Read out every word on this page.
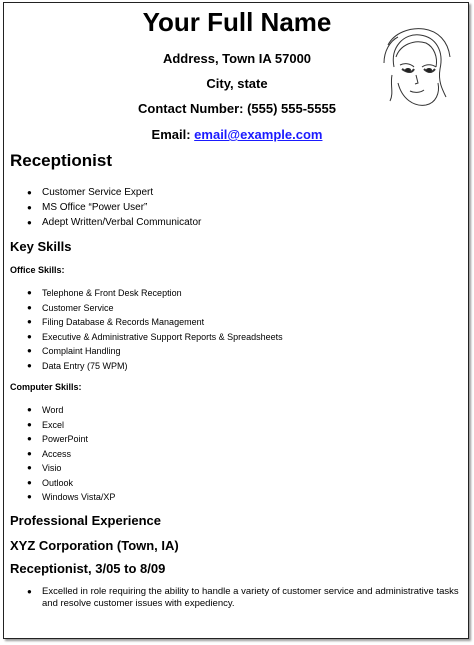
Your Full Name
Address, Town IA 57000
City, state
Contact Number: (555) 555-5555
Email: email@example.com
Receptionist
● Customer Service Expert
● MS Office “Power User”
● Adept Written/Verbal Communicator
Key Skills
Office Skills:
● Telephone & Front Desk Reception
● Customer Service
● Filing Database & Records Management
● Executive & Administrative Support Reports & Spreadsheets
● Complaint Handling
● Data Entry (75 WPM)
Computer Skills:
● Word
● Excel
● PowerPoint
● Access
● Visio
● Outlook
● Windows Vista/XP
Professional Experience
XYZ Corporation (Town, IA)
Receptionist, 3/05 to 8/09
● Excelled in role requiring the ability to handle a variety of customer service and administrative tasks and resolve customer issues with expediency.
